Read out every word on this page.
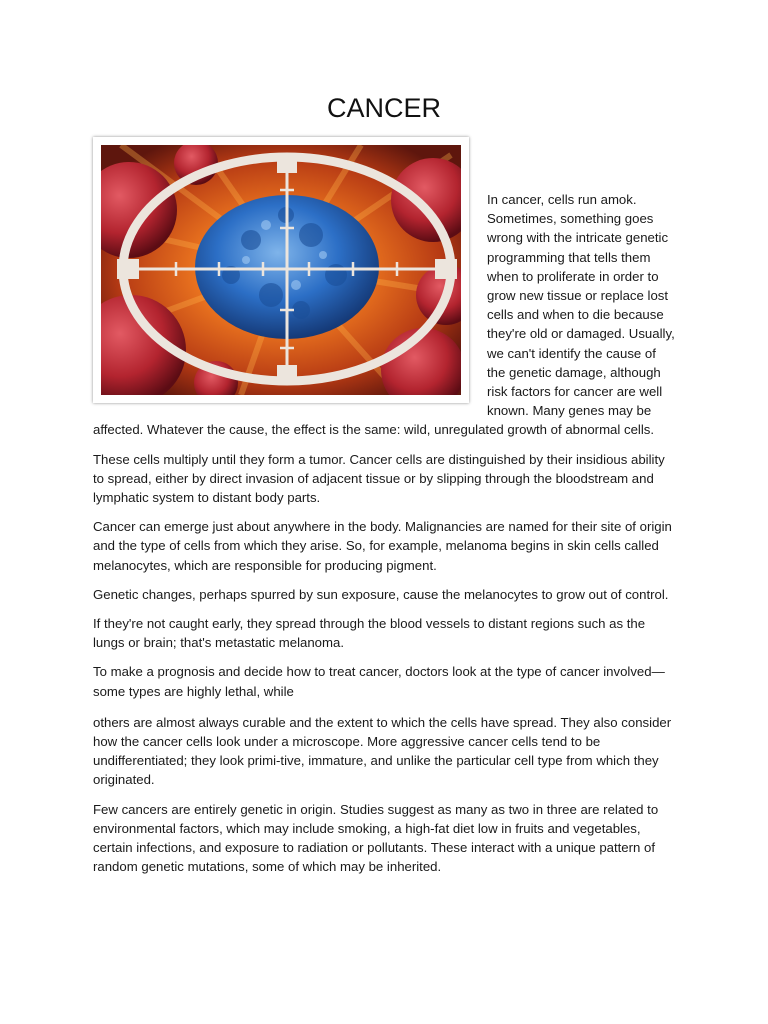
CANCER

In cancer, cells run amok. Sometimes, something goes wrong with the intricate genetic programming that tells them when to proliferate in order to grow new tissue or replace lost cells and when to die because they're old or damaged. Usually, we can't identify the cause of the genetic damage, although risk factors for cancer are well known. Many genes may be affected. Whatever the cause, the effect is the same: wild, unregulated growth of abnormal cells.

These cells multiply until they form a tumor. Cancer cells are distinguished by their insidious ability to spread, either by direct invasion of adjacent tissue or by slipping through the bloodstream and lymphatic system to distant body parts.

Cancer can emerge just about anywhere in the body. Malignancies are named for their site of origin and the type of cells from which they arise. So, for example, melanoma begins in skin cells called melanocytes, which are responsible for producing pigment.

Genetic changes, perhaps spurred by sun exposure, cause the melanocytes to grow out of control.

If they're not caught early, they spread through the blood vessels to distant regions such as the lungs or brain; that's metastatic melanoma.

To make a prognosis and decide how to treat cancer, doctors look at the type of cancer involved— some types are highly lethal, while

others are almost always curable and the extent to which the cells have spread. They also consider how the cancer cells look under a microscope. More aggressive cancer cells tend to be undifferentiated; they look primi-tive, immature, and unlike the particular cell type from which they originated.

Few cancers are entirely genetic in origin. Studies suggest as many as two in three are related to environmental factors, which may include smoking, a high-fat diet low in fruits and vegetables, certain infections, and exposure to radiation or pollutants. These interact with a unique pattern of random genetic mutations, some of which may be inherited.
